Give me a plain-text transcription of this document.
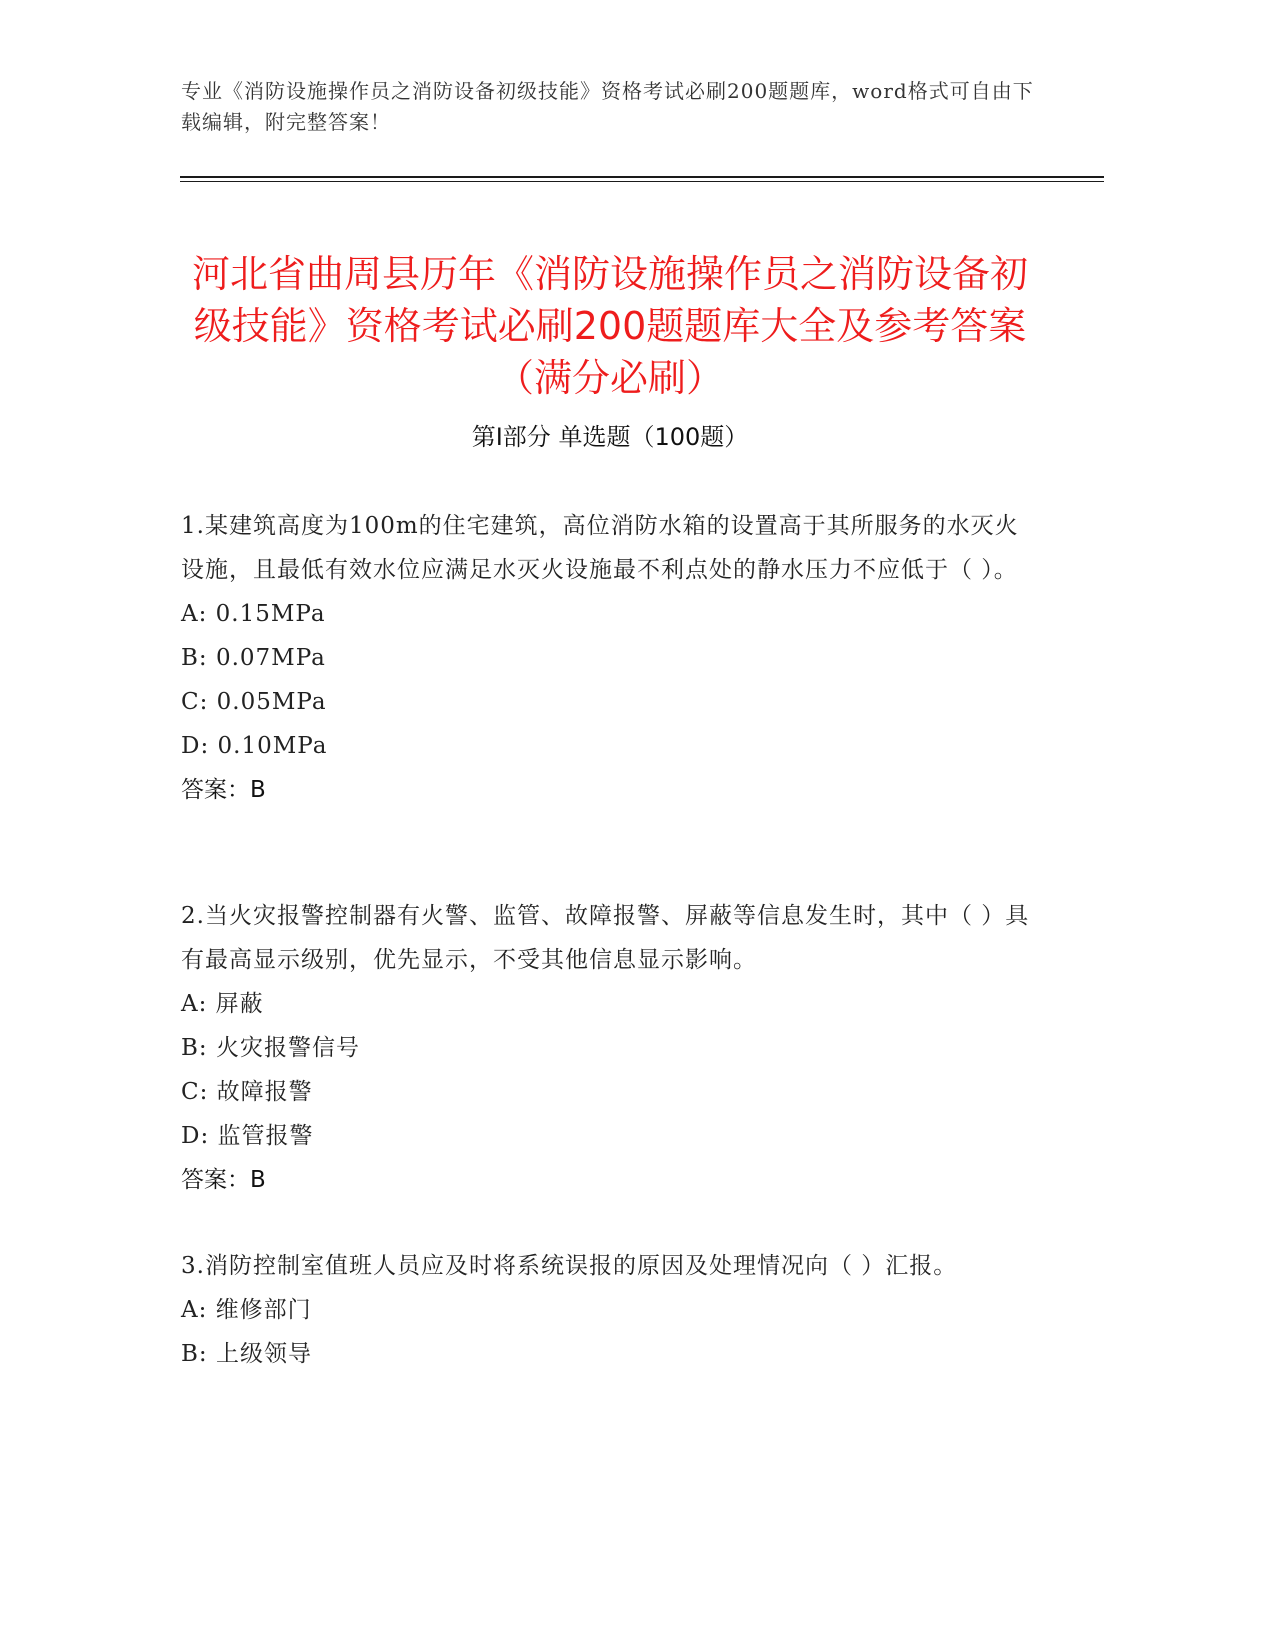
专业《消防设施操作员之消防设备初级技能》资格考试必刷200题题库，word格式可自由下载编辑，附完整答案！
河北省曲周县历年《消防设施操作员之消防设备初级技能》资格考试必刷200题题库大全及参考答案（满分必刷）
第Ⅰ部分 单选题（100题）
1.某建筑高度为100m的住宅建筑，高位消防水箱的设置高于其所服务的水灭火设施，且最低有效水位应满足水灭火设施最不利点处的静水压力不应低于（ ）。
A: 0.15MPa
B: 0.07MPa
C: 0.05MPa
D: 0.10MPa
答案：B
2.当火灾报警控制器有火警、监管、故障报警、屏蔽等信息发生时，其中（ ）具有最高显示级别，优先显示，不受其他信息显示影响。
A: 屏蔽
B: 火灾报警信号
C: 故障报警
D: 监管报警
答案：B
3.消防控制室值班人员应及时将系统误报的原因及处理情况向（ ）汇报。
A: 维修部门
B: 上级领导
